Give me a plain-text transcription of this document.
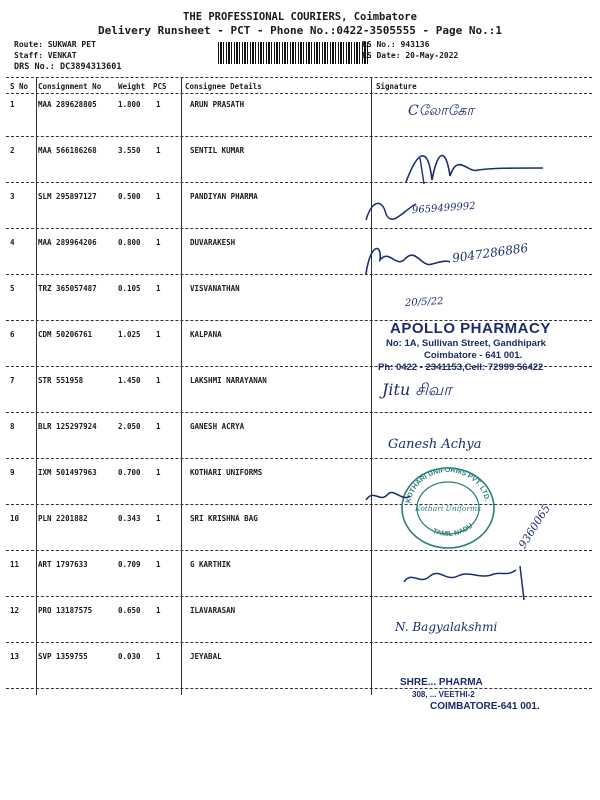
THE PROFESSIONAL COURIERS, Coimbatore
Delivery Runsheet - PCT - Phone No.:0422-3505555 - Page No.:1
Route: SUKWAR PET
Staff: VENKAT
DRS No.: DC3894313601
RS No.: 943136
RS Date: 20-May-2022
S No Consignment No Weight PCS Consignee Details	Signature
1	MAA 289628805	1.800 1	ARUN PRASATH
2	MAA 566186268	3.550 1	SENTIL KUMAR
3	SLM 295897127	0.500 1	PANDIYAN PHARMA
4	MAA 289964206	0.800 1	DUVARAKESH
5	TRZ 365057487	0.105 1	VISVANATHAN
6	CDM 50206761	1.025 1	KALPANA
7	STR 551958	1.450 1	LAKSHMI NARAYANAN
8	BLR 125297924	2.050 1	GANESH ACRYA
9	IXM 501497963	0.700 1	KOTHARI UNIFORMS
10	PLN 2201882	0.343 1	SRI KRISHNA BAG
11	ART 1797633	0.709 1	G KARTHIK
12	PRO 13187575	0.650 1	ILAVARASAN
13	SVP 1359755	0.030 1	JEYABAL
Cலோகோ
9659499992
9047286886
20/5/22
APOLLO PHARMACY
No: 1A, Sullivan Street, Gandhipark
Coimbatore - 641 001.
Ph: 0422 - 2341153,Cell: 72999 56422
Jitu சிவா
Ganesh Achya
KOTHARI UNIFORMS PVT. LTD.
Kothari Uniforms
TAMIL NADU	9360065
N. Bagyalakshmi
SHRE... PHARMA
308, ... VEETHI-2
COIMBATORE-641 001.
